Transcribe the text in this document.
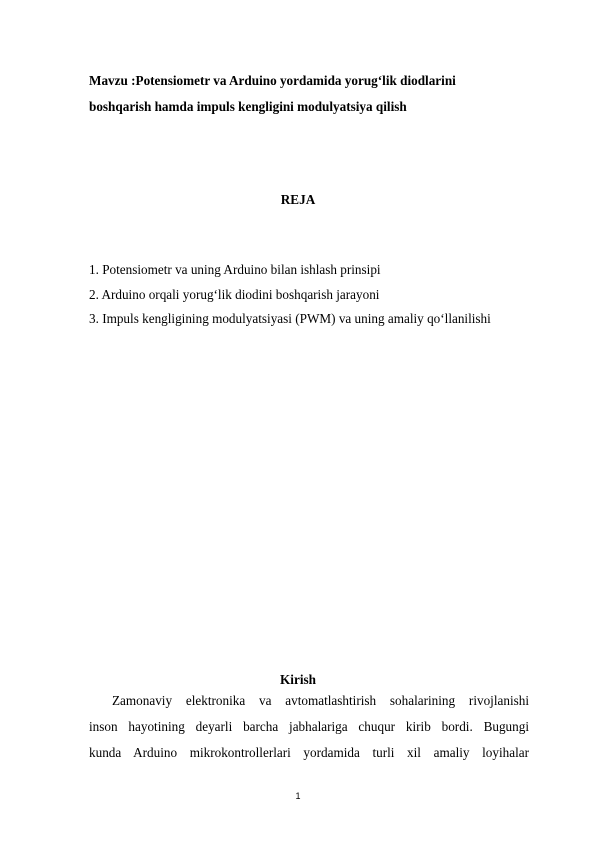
Mavzu :Potensiometr va Arduino yordamida yorug‘lik diodlarini
boshqarish hamda impuls kengligini modulyatsiya qilish
REJA
1. Potensiometr va uning Arduino bilan ishlash prinsipi
2. Arduino orqali yorug‘lik diodini boshqarish jarayoni
3. Impuls kengligining modulyatsiyasi (PWM) va uning amaliy qo‘llanilishi
Kirish

Zamonaviy elektronika va avtomatlashtirish sohalarining rivojlanishi
inson hayotining deyarli barcha jabhalariga chuqur kirib bordi. Bugungi
kunda Arduino mikrokontrollerlari yordamida turli xil amaliy loyihalar

1
